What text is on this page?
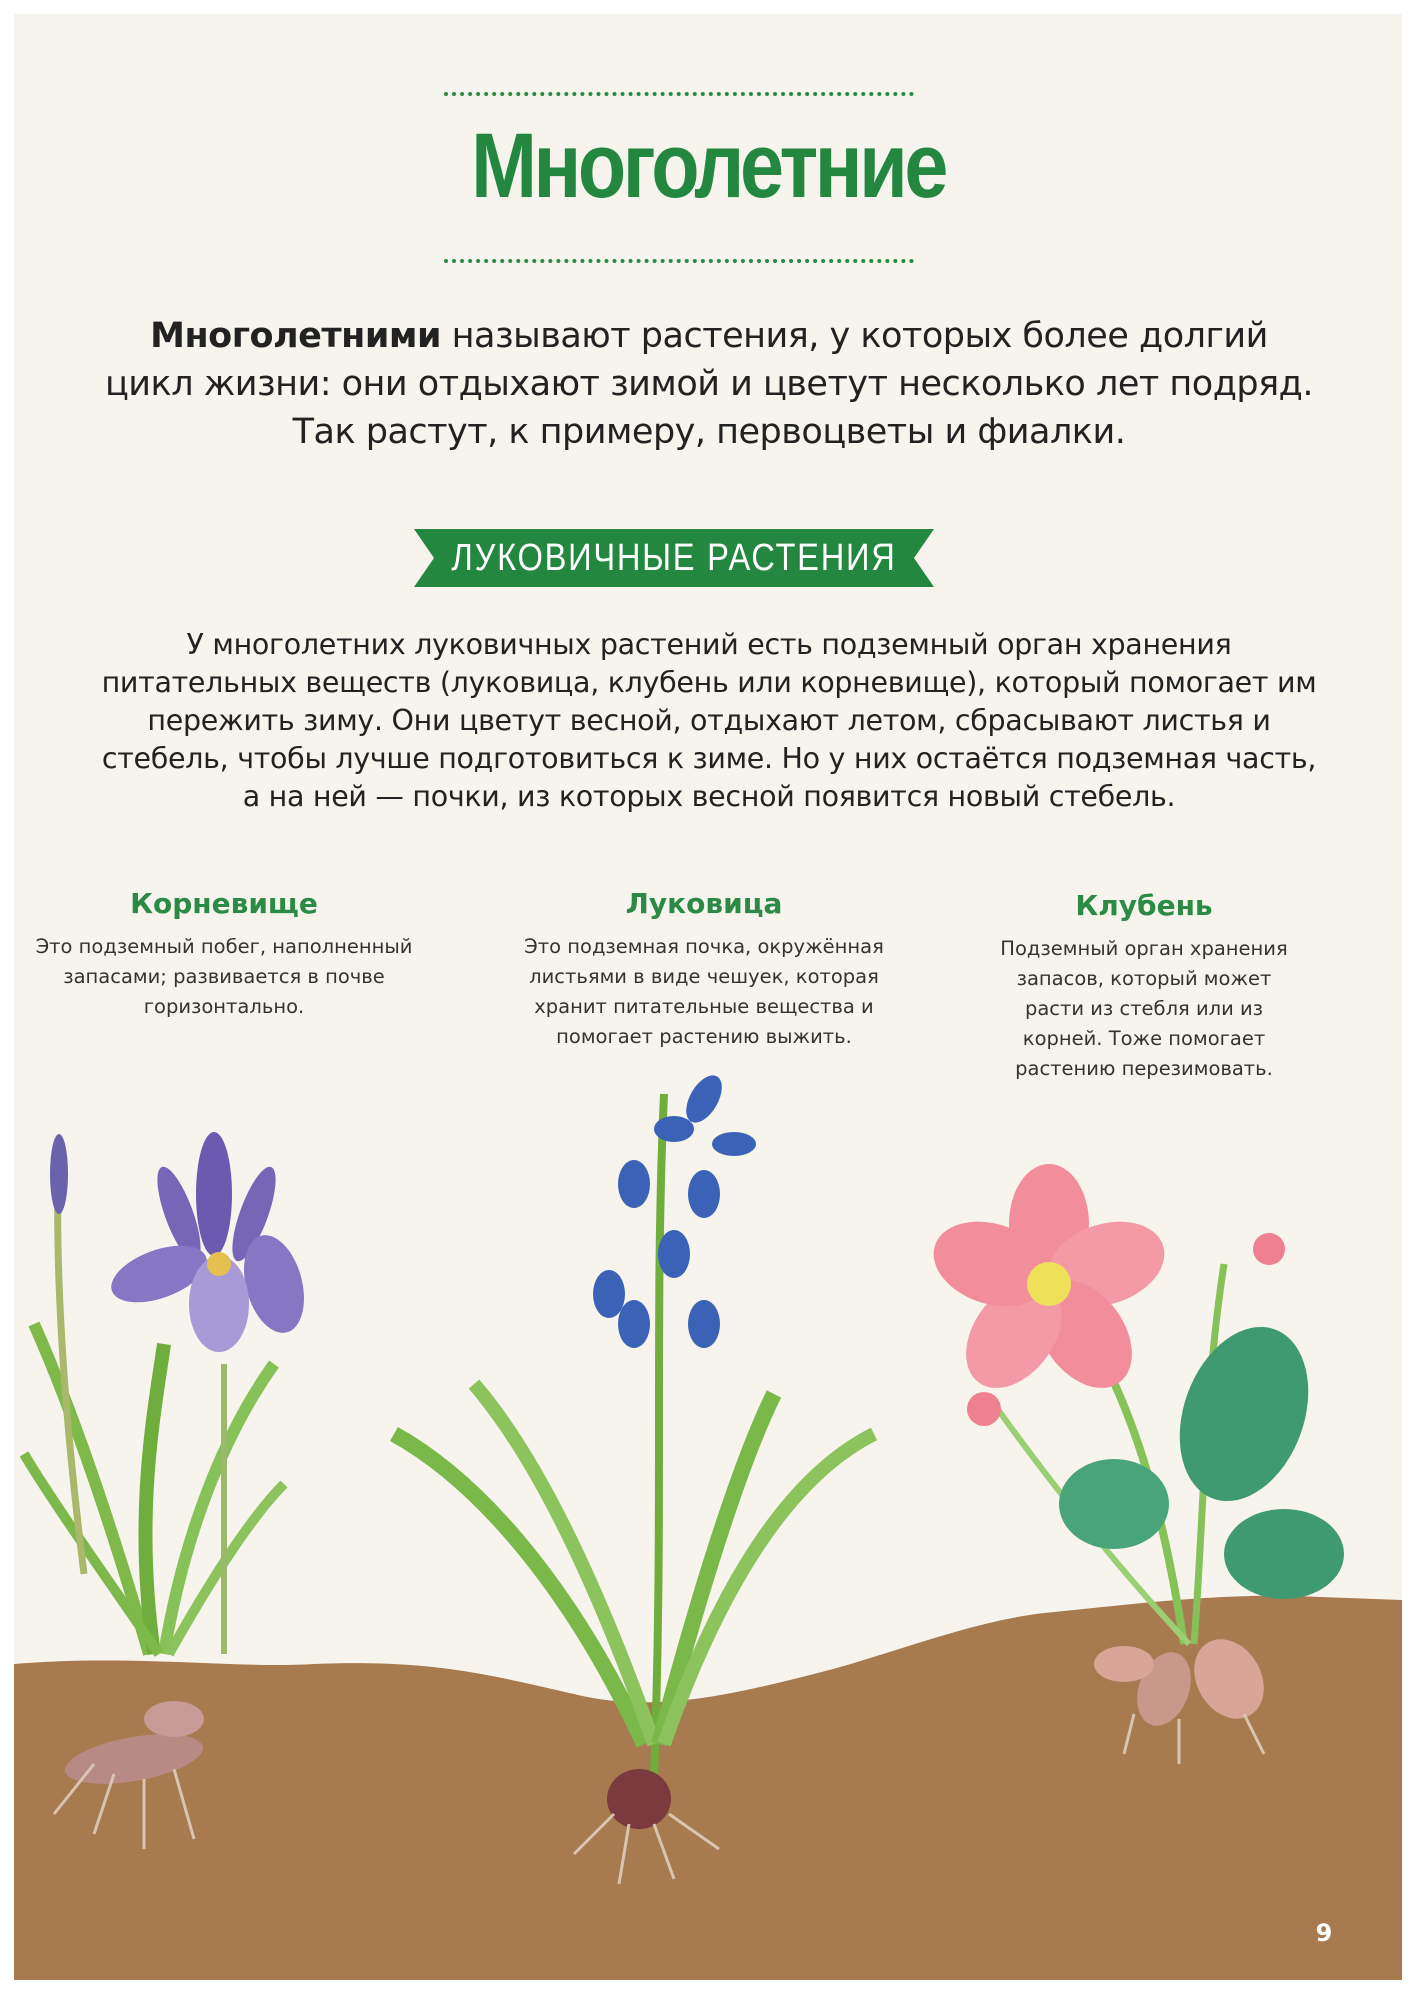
Многолетние
Многолетними называют растения, у которых более долгий цикл жизни: они отдыхают зимой и цветут несколько лет подряд. Так растут, к примеру, первоцветы и фиалки.
ЛУКОВИЧНЫЕ РАСТЕНИЯ
У многолетних луковичных растений есть подземный орган хранения питательных веществ (луковица, клубень или корневище), который помогает им пережить зиму. Они цветут весной, отдыхают летом, сбрасывают листья и стебель, чтобы лучше подготовиться к зиме. Но у них остаётся подземная часть, а на ней — почки, из которых весной появится новый стебель.
Корневище
Это подземный побег, наполненный запасами; развивается в почве горизонтально.
Луковица
Это подземная почка, окружённая листьями в виде чешуек, которая хранит питательные вещества и помогает растению выжить.
Клубень
Подземный орган хранения запасов, который может расти из стебля или из корней. Тоже помогает растению перезимовать.
9
